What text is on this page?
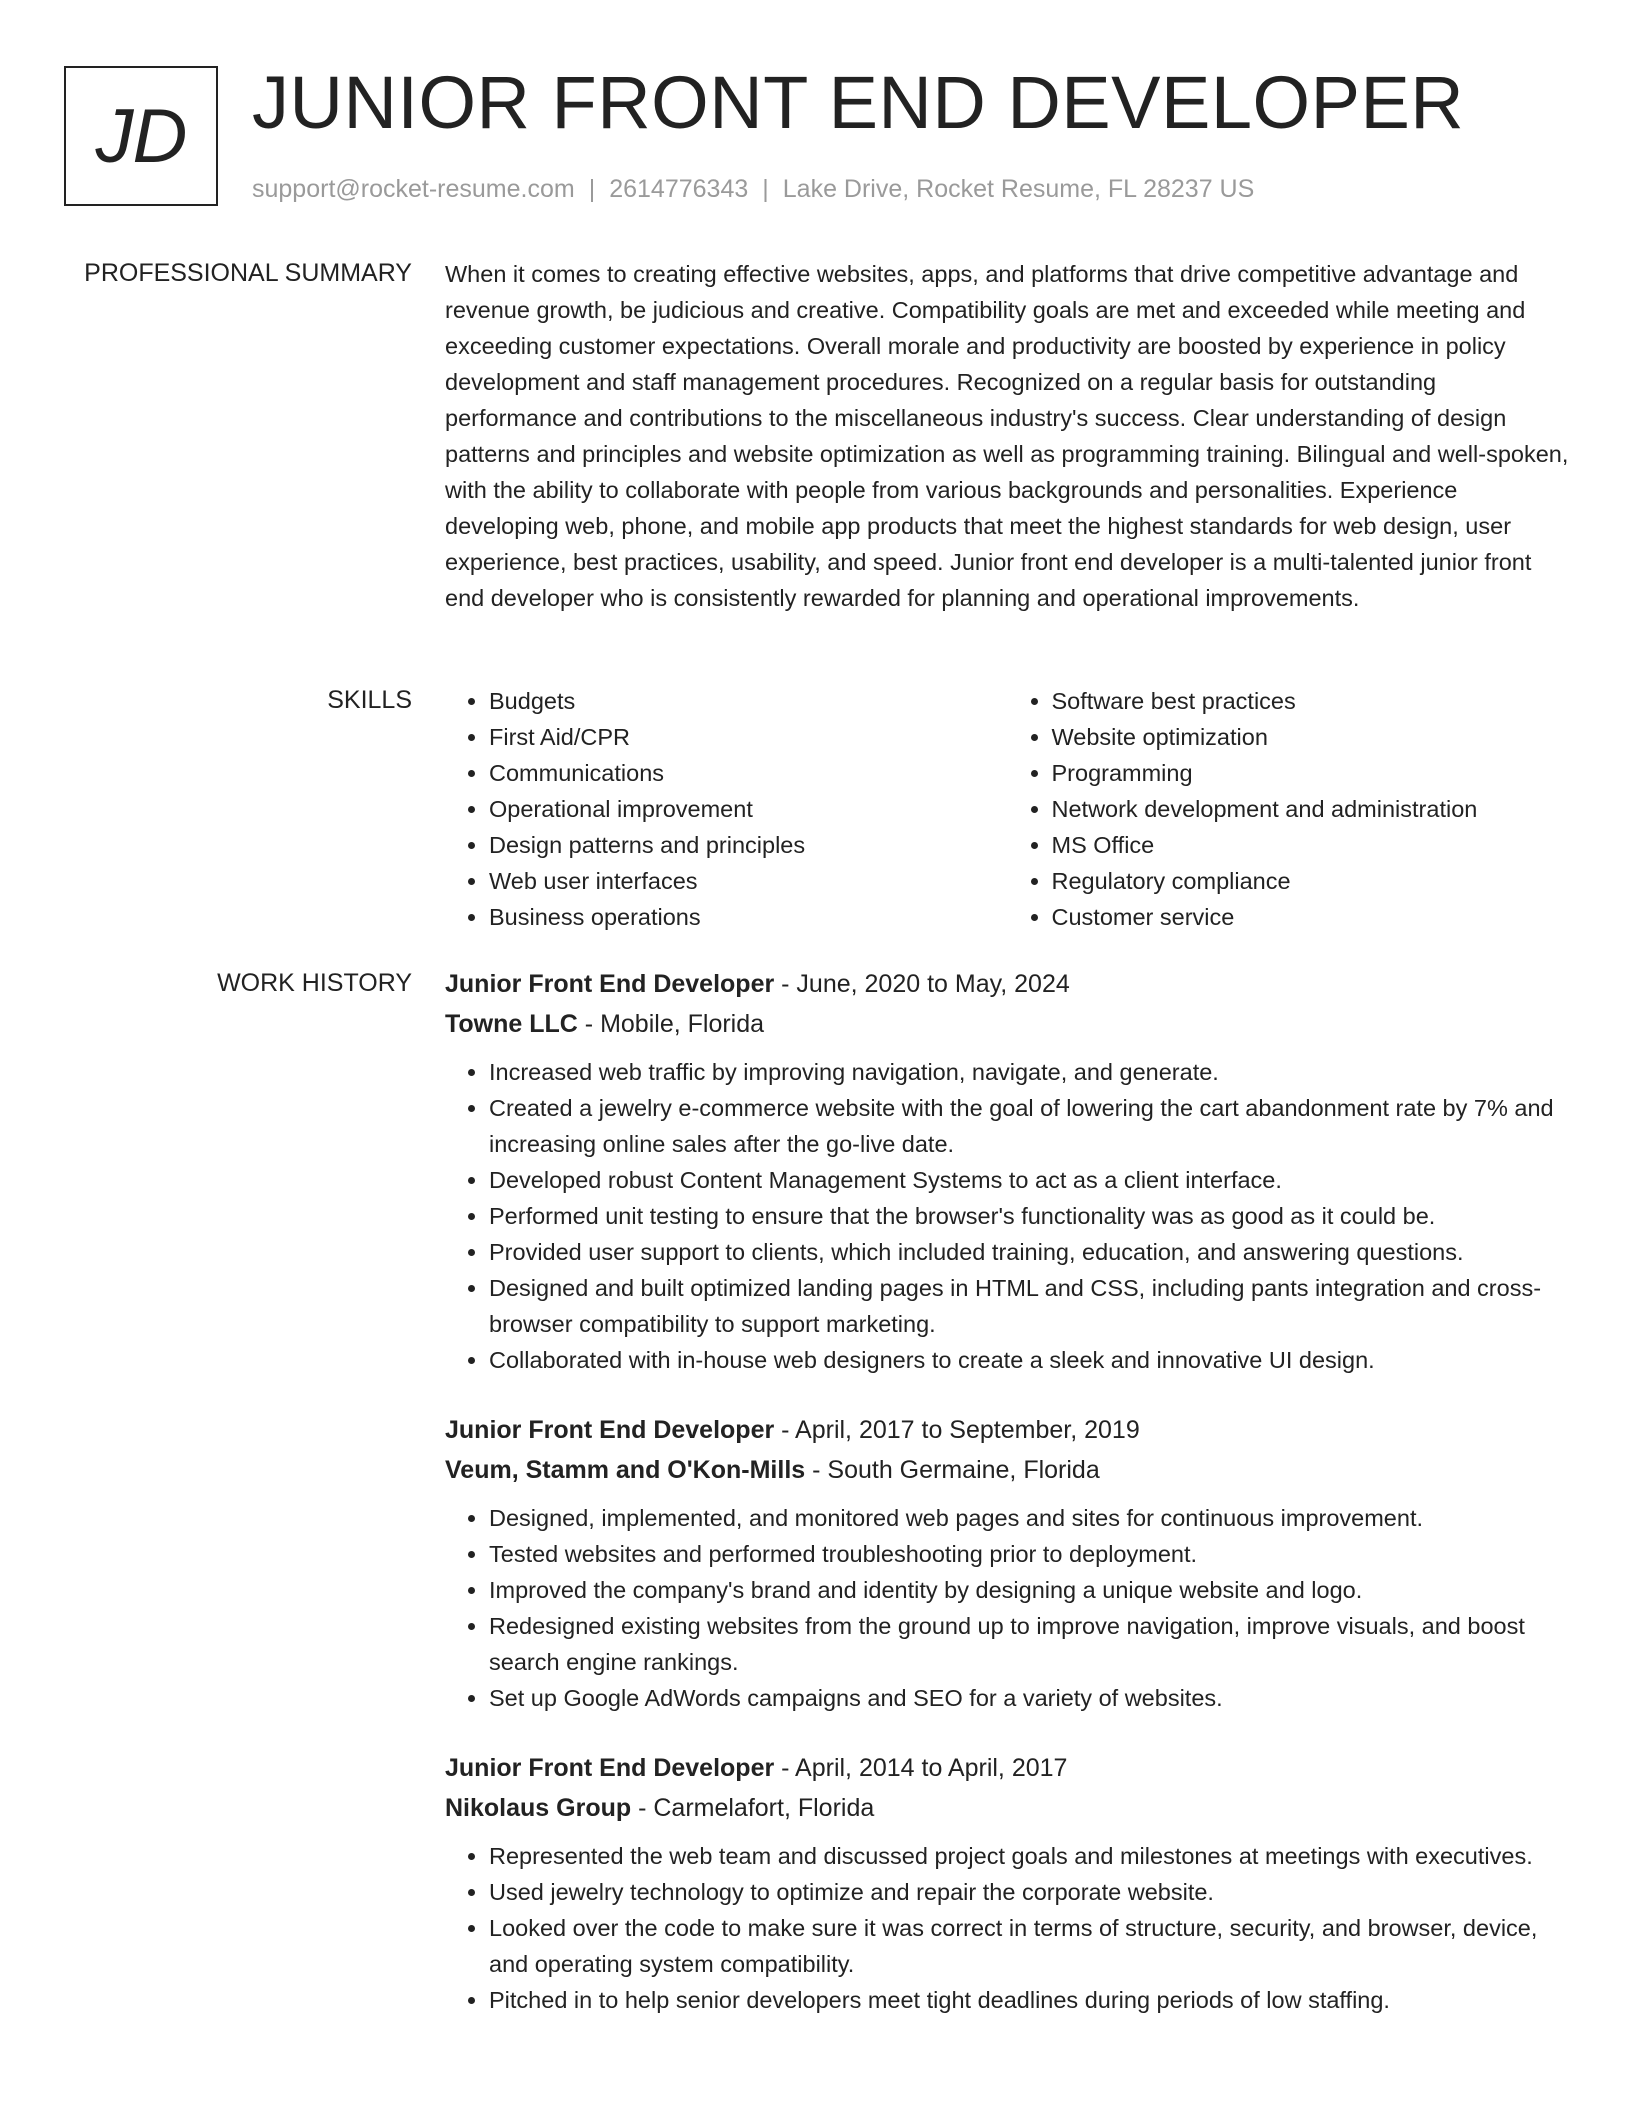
JD JUNIOR FRONT END DEVELOPER
support@rocket-resume.com | 2614776343 | Lake Drive, Rocket Resume, FL 28237 US
PROFESSIONAL SUMMARY When it comes to creating effective websites, apps, and platforms that drive competitive advantage and revenue growth, be judicious and creative. Compatibility goals are met and exceeded while meeting and exceeding customer expectations. Overall morale and productivity are boosted by experience in policy development and staff management procedures. Recognized on a regular basis for outstanding performance and contributions to the miscellaneous industry's success. Clear understanding of design patterns and principles and website optimization as well as programming training. Bilingual and well-spoken, with the ability to collaborate with people from various backgrounds and personalities. Experience developing web, phone, and mobile app products that meet the highest standards for web design, user experience, best practices, usability, and speed. Junior front end developer is a multi-talented junior front end developer who is consistently rewarded for planning and operational improvements.

SKILLS
•	Budgets
• First Aid/CPR
• Communications
• Operational improvement
• Design patterns and principles
• Web user interfaces
• Business operations
• Software best practices
• Website optimization
• Programming
• Network development and administration
• MS Office
• Regulatory compliance
• Customer service
WORK HISTORY Junior Front End Developer - June, 2020 to May, 2024
Towne LLC - Mobile, Florida
• Increased web traffic by improving navigation, navigate, and generate.
• Created a jewelry e-commerce website with the goal of lowering the cart abandonment rate by 7% and increasing online sales after the go-live date.
• Developed robust Content Management Systems to act as a client interface.
• Performed unit testing to ensure that the browser's functionality was as good as it could be.
• Provided user support to clients, which included training, education, and answering questions.
• Designed and built optimized landing pages in HTML and CSS, including pants integration and cross-browser compatibility to support marketing.
• Collaborated with in-house web designers to create a sleek and innovative UI design.
Junior Front End Developer - April, 2017 to September, 2019
Veum, Stamm and O'Kon-Mills - South Germaine, Florida
• Designed, implemented, and monitored web pages and sites for continuous improvement.
• Tested websites and performed troubleshooting prior to deployment.
• Improved the company's brand and identity by designing a unique website and logo.
• Redesigned existing websites from the ground up to improve navigation, improve visuals, and boost search engine rankings.
• Set up Google AdWords campaigns and SEO for a variety of websites.
Junior Front End Developer - April, 2014 to April, 2017
Nikolaus Group - Carmelafort, Florida
• Represented the web team and discussed project goals and milestones at meetings with executives.
• Used jewelry technology to optimize and repair the corporate website.
• Looked over the code to make sure it was correct in terms of structure, security, and browser, device, and operating system compatibility.
• Pitched in to help senior developers meet tight deadlines during periods of low staffing.
